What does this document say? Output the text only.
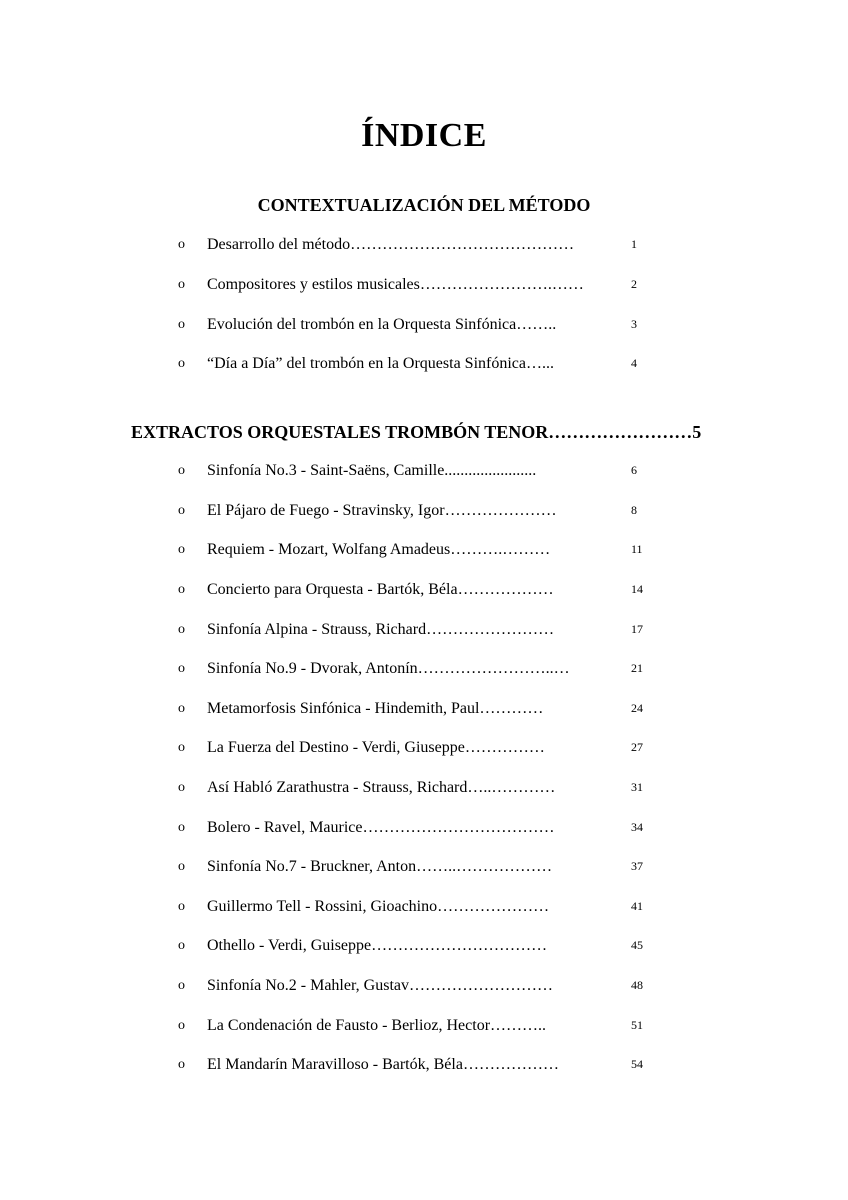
ÍNDICE
CONTEXTUALIZACIÓN DEL MÉTODO
o Desarrollo del método……………………………………	1
o Compositores y estilos musicales…………………….……	2
o Evolución del trombón en la Orquesta Sinfónica……..	3
o “Día a Día” del trombón en la Orquesta Sinfónica…...	4
EXTRACTOS ORQUESTALES TROMBÓN TENOR……………………5
o Sinfonía No.3 - Saint-Saëns, Camille.......................	6
o El Pájaro de Fuego - Stravinsky, Igor…………………	8
o Requiem - Mozart, Wolfang Amadeus……….………	11
o Concierto para Orquesta - Bartók, Béla………………	14
o Sinfonía Alpina - Strauss, Richard……………………	17
o Sinfonía No.9 - Dvorak, Antonín……………………..…	21
o Metamorfosis Sinfónica - Hindemith, Paul…………	24
o La Fuerza del Destino - Verdi, Giuseppe……………	27
o Así Habló Zarathustra - Strauss, Richard…..…………	31
o Bolero - Ravel, Maurice………………………………	34
o Sinfonía No.7 - Bruckner, Anton……..………………	37
o Guillermo Tell - Rossini, Gioachino…………………	41
o Othello - Verdi, Guiseppe……………………………	45
o Sinfonía No.2 - Mahler, Gustav………………………	48
o La Condenación de Fausto - Berlioz, Hector………..	51
o El Mandarín Maravilloso - Bartók, Béla………………	54
